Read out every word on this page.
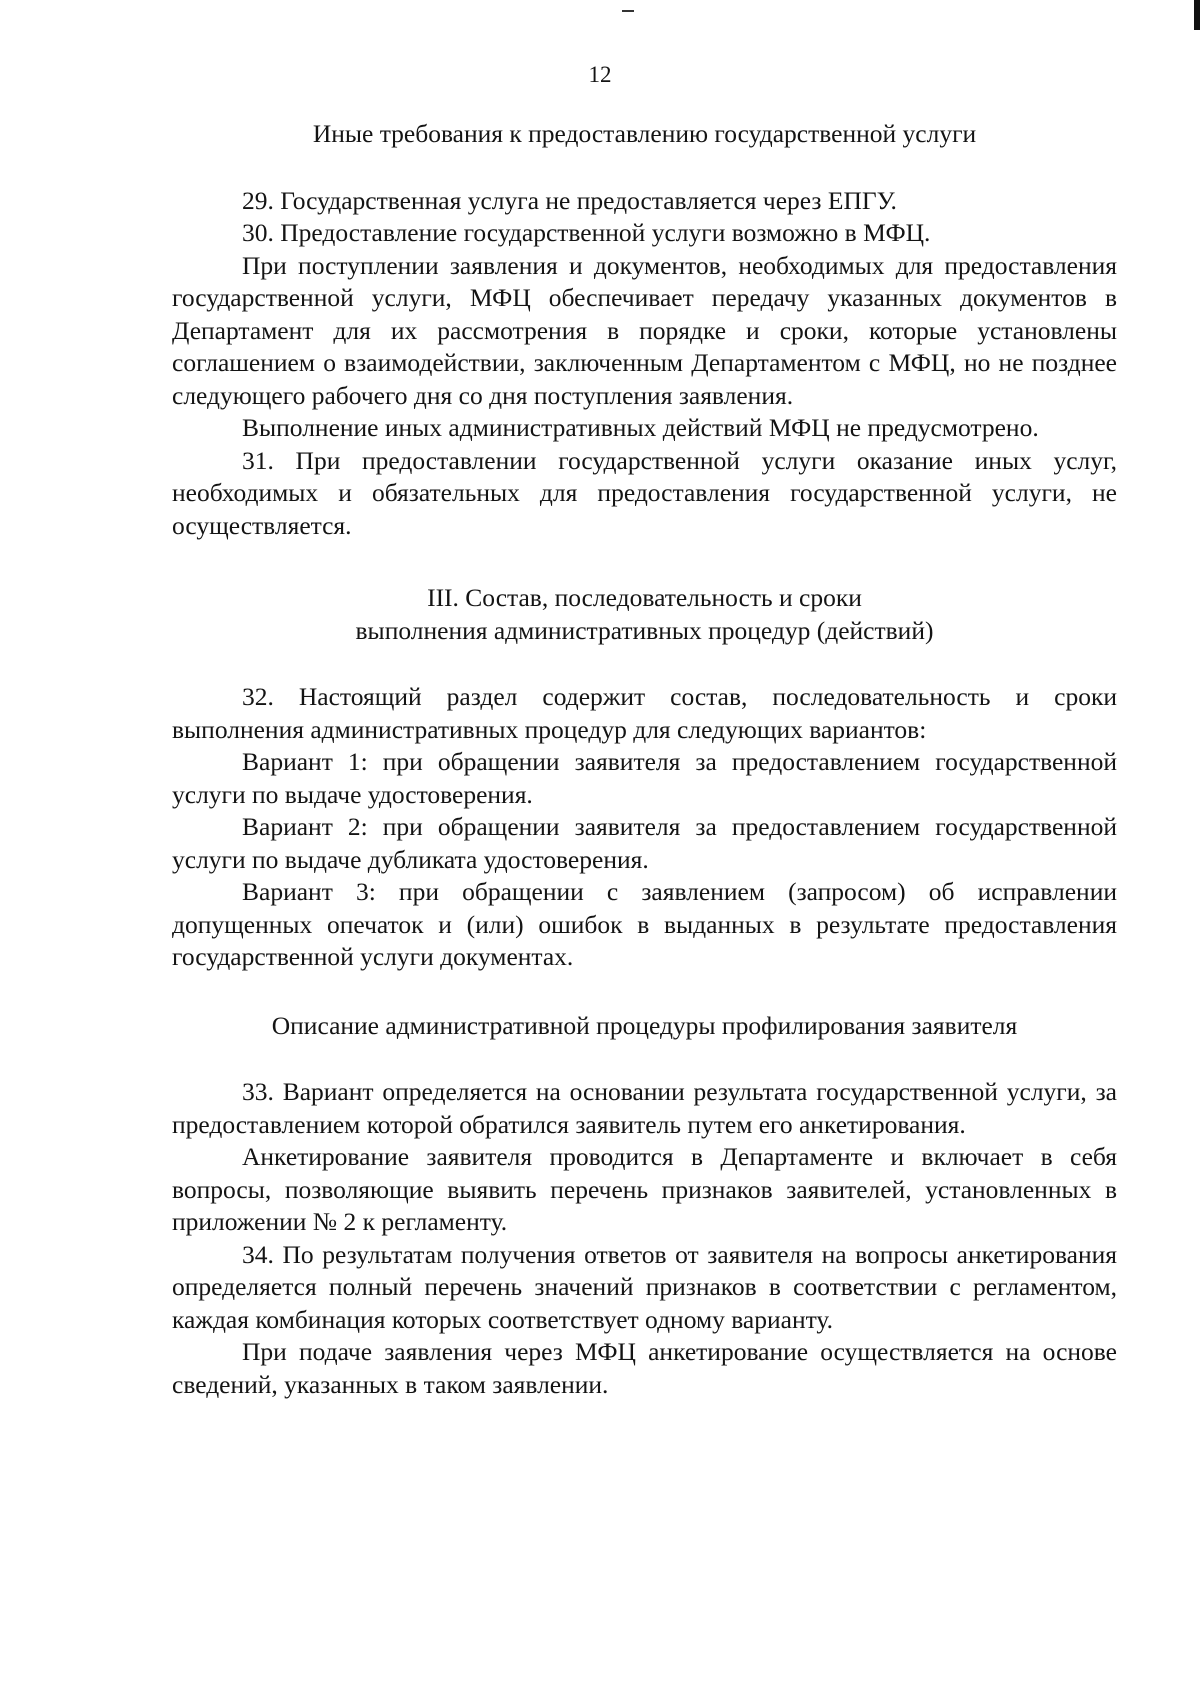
12
Иные требования к предоставлению государственной услуги

29. Государственная услуга не предоставляется через ЕПГУ.

30. Предоставление государственной услуги возможно в МФЦ.

При поступлении заявления и документов, необходимых для предоставления государственной услуги, МФЦ обеспечивает передачу указанных документов в Департамент для их рассмотрения в порядке и сроки, которые установлены соглашением о взаимодействии, заключенным Департаментом с МФЦ, но не позднее следующего рабочего дня со дня поступления заявления.

Выполнение иных административных действий МФЦ не предусмотрено.

31. При предоставлении государственной услуги оказание иных услуг, необходимых и обязательных для предоставления государственной услуги, не осуществляется.

III. Состав, последовательность и сроки
выполнения административных процедур (действий)

32. Настоящий раздел содержит состав, последовательность и сроки выполнения административных процедур для следующих вариантов:

Вариант 1: при обращении заявителя за предоставлением государственной услуги по выдаче удостоверения.

Вариант 2: при обращении заявителя за предоставлением государственной услуги по выдаче дубликата удостоверения.

Вариант 3: при обращении с заявлением (запросом) об исправлении допущенных опечаток и (или) ошибок в выданных в результате предоставления государственной услуги документах.

Описание административной процедуры профилирования заявителя

33. Вариант определяется на основании результата государственной услуги, за предоставлением которой обратился заявитель путем его анкетирования.

Анкетирование заявителя проводится в Департаменте и включает в себя вопросы, позволяющие выявить перечень признаков заявителей, установленных в приложении № 2 к регламенту.

34. По результатам получения ответов от заявителя на вопросы анкетирования определяется полный перечень значений признаков в соответствии с регламентом, каждая комбинация которых соответствует одному варианту.

При подаче заявления через МФЦ анкетирование осуществляется на основе сведений, указанных в таком заявлении.
